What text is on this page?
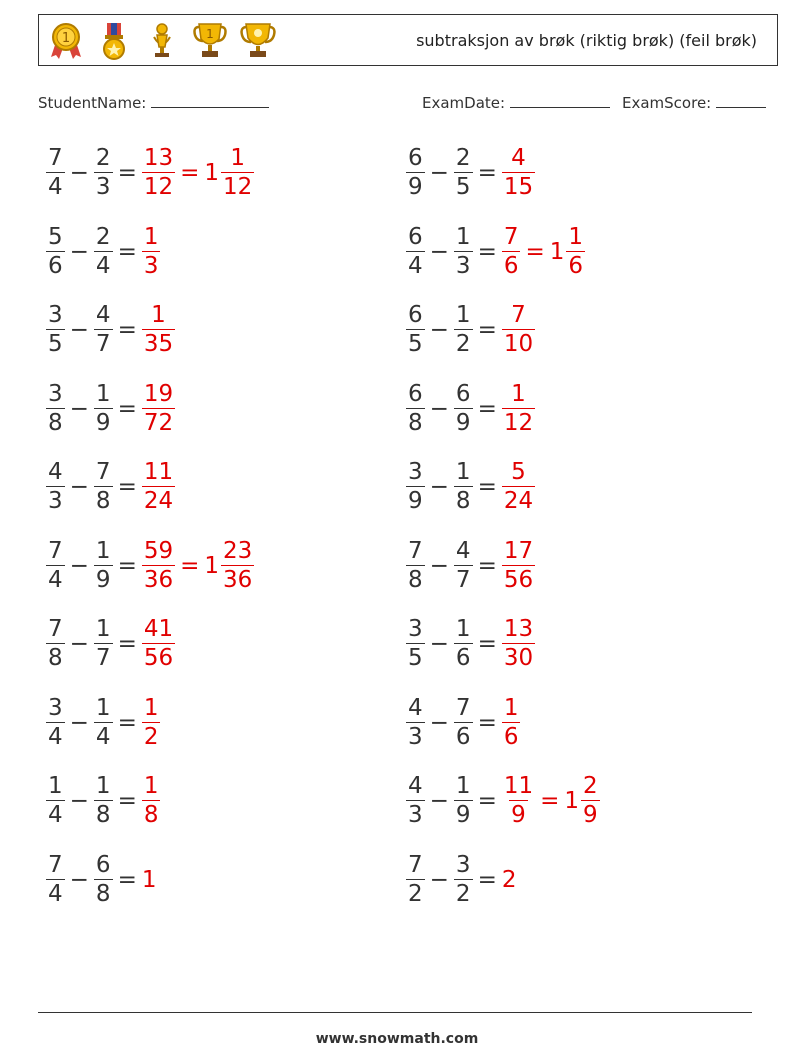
1	1	subtraksjon av brøk (riktig brøk) (feil brøk)
StudentName:	ExamDate:	ExamScore:
$\frac{7}{4} - \frac{2}{3} = \frac{13}{12} = 1 \frac{1}{12}$
$\frac{5}{6} - \frac{2}{4} = \frac{1}{3}$
$\frac{3}{5} - \frac{4}{7} = \frac{1}{35}$
$\frac{3}{8} - \frac{1}{9} = \frac{19}{72}$
$\frac{4}{3} - \frac{7}{8} = \frac{11}{24}$
$\frac{7}{4} - \frac{1}{9} = \frac{59}{36} = 1 \frac{23}{36}$
$\frac{7}{8} - \frac{1}{7} = \frac{41}{56}$
$\frac{3}{4} - \frac{1}{4} = \frac{1}{2}$
$\frac{1}{4} - \frac{1}{8} = \frac{1}{8}$
$\frac{7}{4} - \frac{6}{8} = 1$
$\frac{6}{9} - \frac{2}{5} = \frac{4}{15}$
$\frac{6}{4} - \frac{1}{3} = \frac{7}{6} = 1 \frac{1}{6}$
$\frac{6}{5} - \frac{1}{2} = \frac{7}{10}$
$\frac{6}{8} - \frac{6}{9} = \frac{1}{12}$
$\frac{3}{9} - \frac{1}{8} = \frac{5}{24}$
$\frac{7}{8} - \frac{4}{7} = \frac{17}{56}$
$\frac{3}{5} - \frac{1}{6} = \frac{13}{30}$
$\frac{4}{3} - \frac{7}{6} = \frac{1}{6}$
$\frac{4}{3} - \frac{1}{9} = \frac{11}{9} = 1 \frac{2}{9}$
$\frac{7}{2} - \frac{3}{2} = 2$
www.snowmath.com
